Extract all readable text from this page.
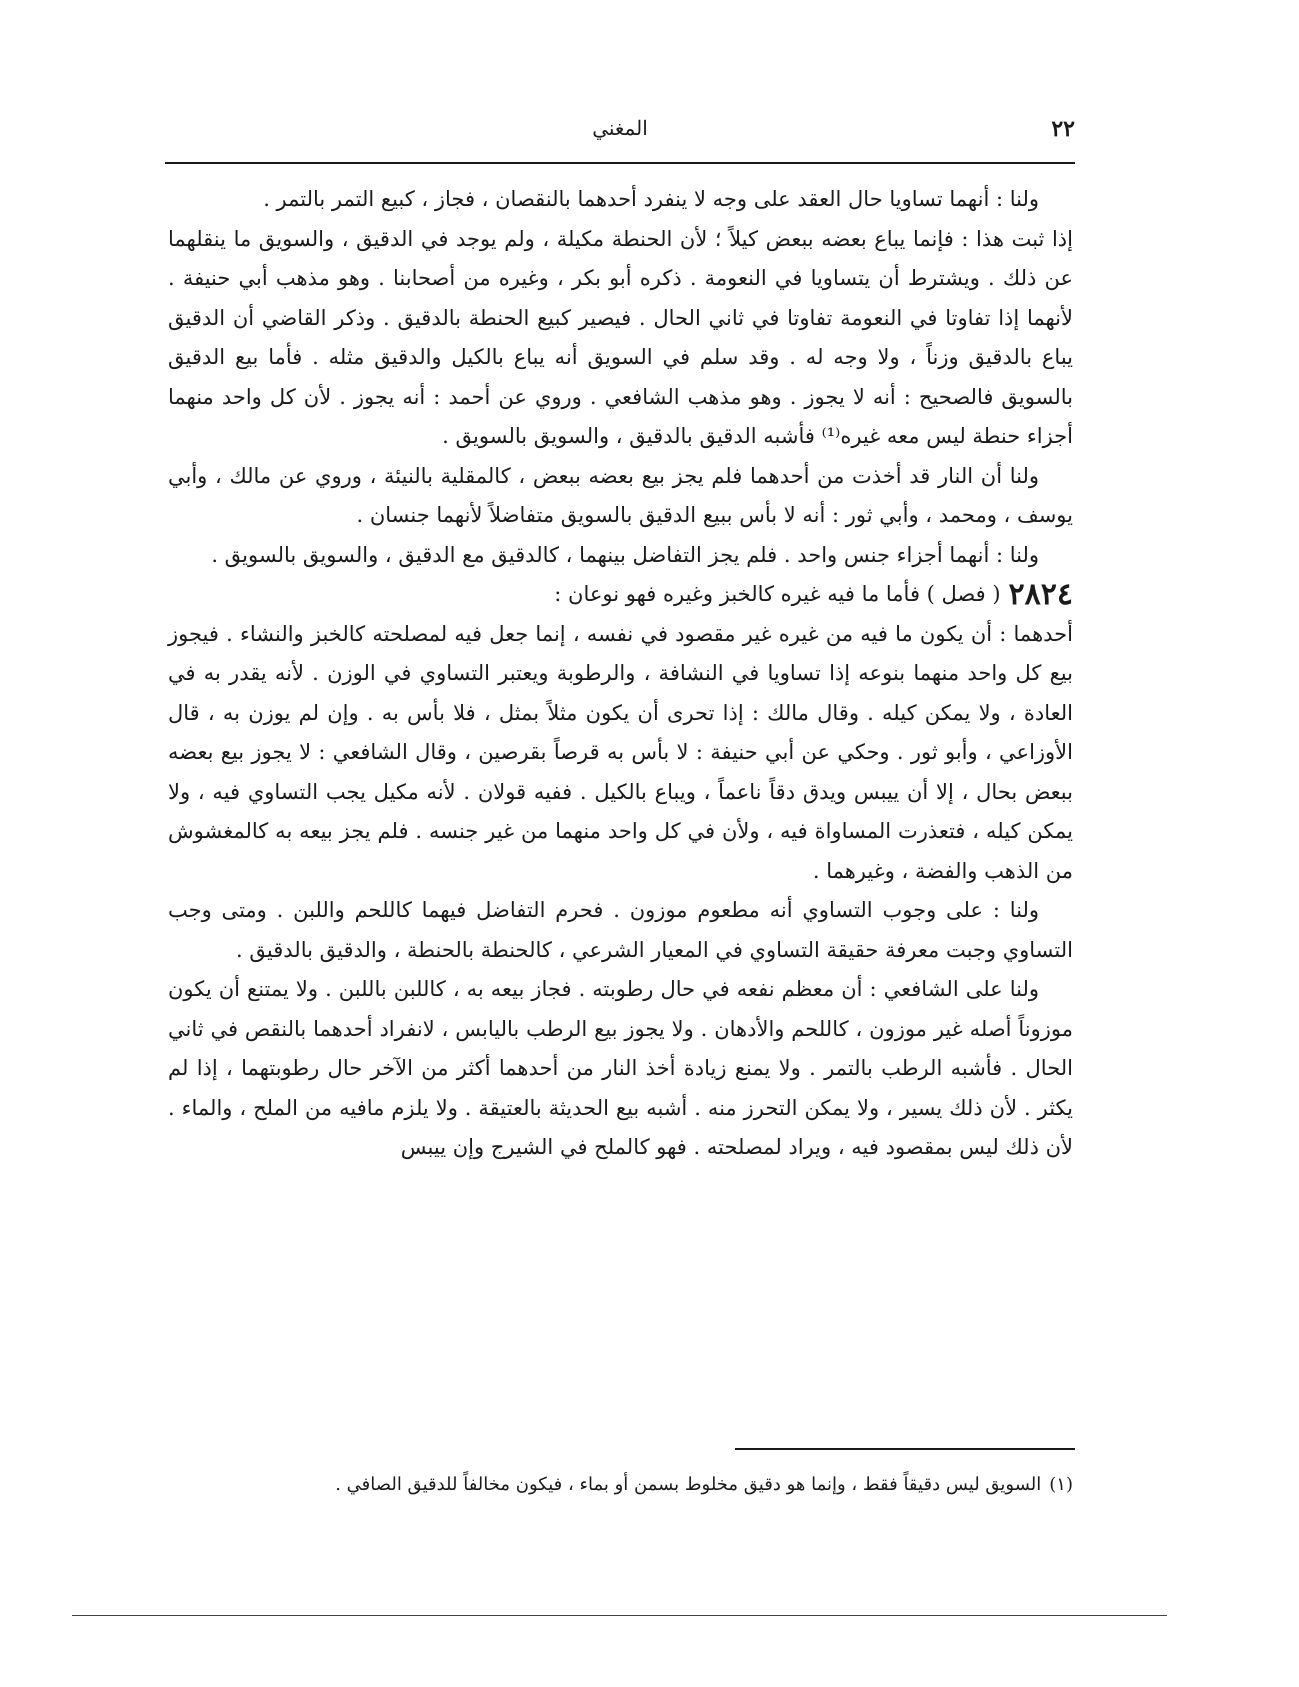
٢٢
المغني

ولنا : أنهما تساويا حال العقد على وجه لا ينفرد أحدهما بالنقصان ، فجاز ، كبيع التمر بالتمر .

إذا ثبت هذا : فإنما يباع بعضه ببعض كيلاً ؛ لأن الحنطة مكيلة ، ولم يوجد في الدقيق ، والسويق ما ينقلهما عن ذلك . ويشترط أن يتساويا في النعومة . ذكره أبو بكر ، وغيره من أصحابنا . وهو مذهب أبي حنيفة . لأنهما إذا تفاوتا في النعومة تفاوتا في ثاني الحال . فيصير كبيع الحنطة بالدقيق . وذكر القاضي أن الدقيق يباع بالدقيق وزناً ، ولا وجه له . وقد سلم في السويق أنه يباع بالكيل والدقيق مثله . فأما بيع الدقيق بالسويق فالصحيح : أنه لا يجوز . وهو مذهب الشافعي . وروي عن أحمد : أنه يجوز . لأن كل واحد منهما أجزاء حنطة ليس معه غيره⁽¹⁾ فأشبه الدقيق بالدقيق ، والسويق بالسويق .

ولنا أن النار قد أخذت من أحدهما فلم يجز بيع بعضه ببعض ، كالمقلية بالنيئة ، وروي عن مالك ، وأبي يوسف ، ومحمد ، وأبي ثور : أنه لا بأس ببيع الدقيق بالسويق متفاضلاً لأنهما جنسان .

ولنا : أنهما أجزاء جنس واحد . فلم يجز التفاضل بينهما ، كالدقيق مع الدقيق ، والسويق بالسويق .

٢٨٢٤( فصل ) فأما ما فيه غيره كالخبز وغيره فهو نوعان :

أحدهما : أن يكون ما فيه من غيره غير مقصود في نفسه ، إنما جعل فيه لمصلحته كالخبز والنشاء . فيجوز بيع كل واحد منهما بنوعه إذا تساويا في النشافة ، والرطوبة ويعتبر التساوي في الوزن . لأنه يقدر به في العادة ، ولا يمكن كيله . وقال مالك : إذا تحرى أن يكون مثلاً بمثل ، فلا بأس به . وإن لم يوزن به ، قال الأوزاعي ، وأبو ثور . وحكي عن أبي حنيفة : لا بأس به قرصاً بقرصين ، وقال الشافعي : لا يجوز بيع بعضه ببعض بحال ، إلا أن ييبس ويدق دقاً ناعماً ، ويباع بالكيل . ففيه قولان . لأنه مكيل يجب التساوي فيه ، ولا يمكن كيله ، فتعذرت المساواة فيه ، ولأن في كل واحد منهما من غير جنسه . فلم يجز بيعه به كالمغشوش من الذهب والفضة ، وغيرهما .

ولنا : على وجوب التساوي أنه مطعوم موزون . فحرم التفاضل فيهما كاللحم واللبن . ومتى وجب التساوي وجبت معرفة حقيقة التساوي في المعيار الشرعي ، كالحنطة بالحنطة ، والدقيق بالدقيق .

ولنا على الشافعي : أن معظم نفعه في حال رطوبته . فجاز بيعه به ، كاللبن باللبن . ولا يمتنع أن يكون موزوناً أصله غير موزون ، كاللحم والأدهان . ولا يجوز بيع الرطب باليابس ، لانفراد أحدهما بالنقص في ثاني الحال . فأشبه الرطب بالتمر . ولا يمنع زيادة أخذ النار من أحدهما أكثر من الآخر حال رطوبتهما ، إذا لم يكثر . لأن ذلك يسير ، ولا يمكن التحرز منه . أشبه بيع الحديثة بالعتيقة . ولا يلزم مافيه من الملح ، والماء . لأن ذلك ليس بمقصود فيه ، ويراد لمصلحته . فهو كالملح في الشيرج وإن ييبس

(١)السويق ليس دقيقاً فقط ، وإنما هو دقيق مخلوط بسمن أو بماء ، فيكون مخالفاً للدقيق الصافي .
